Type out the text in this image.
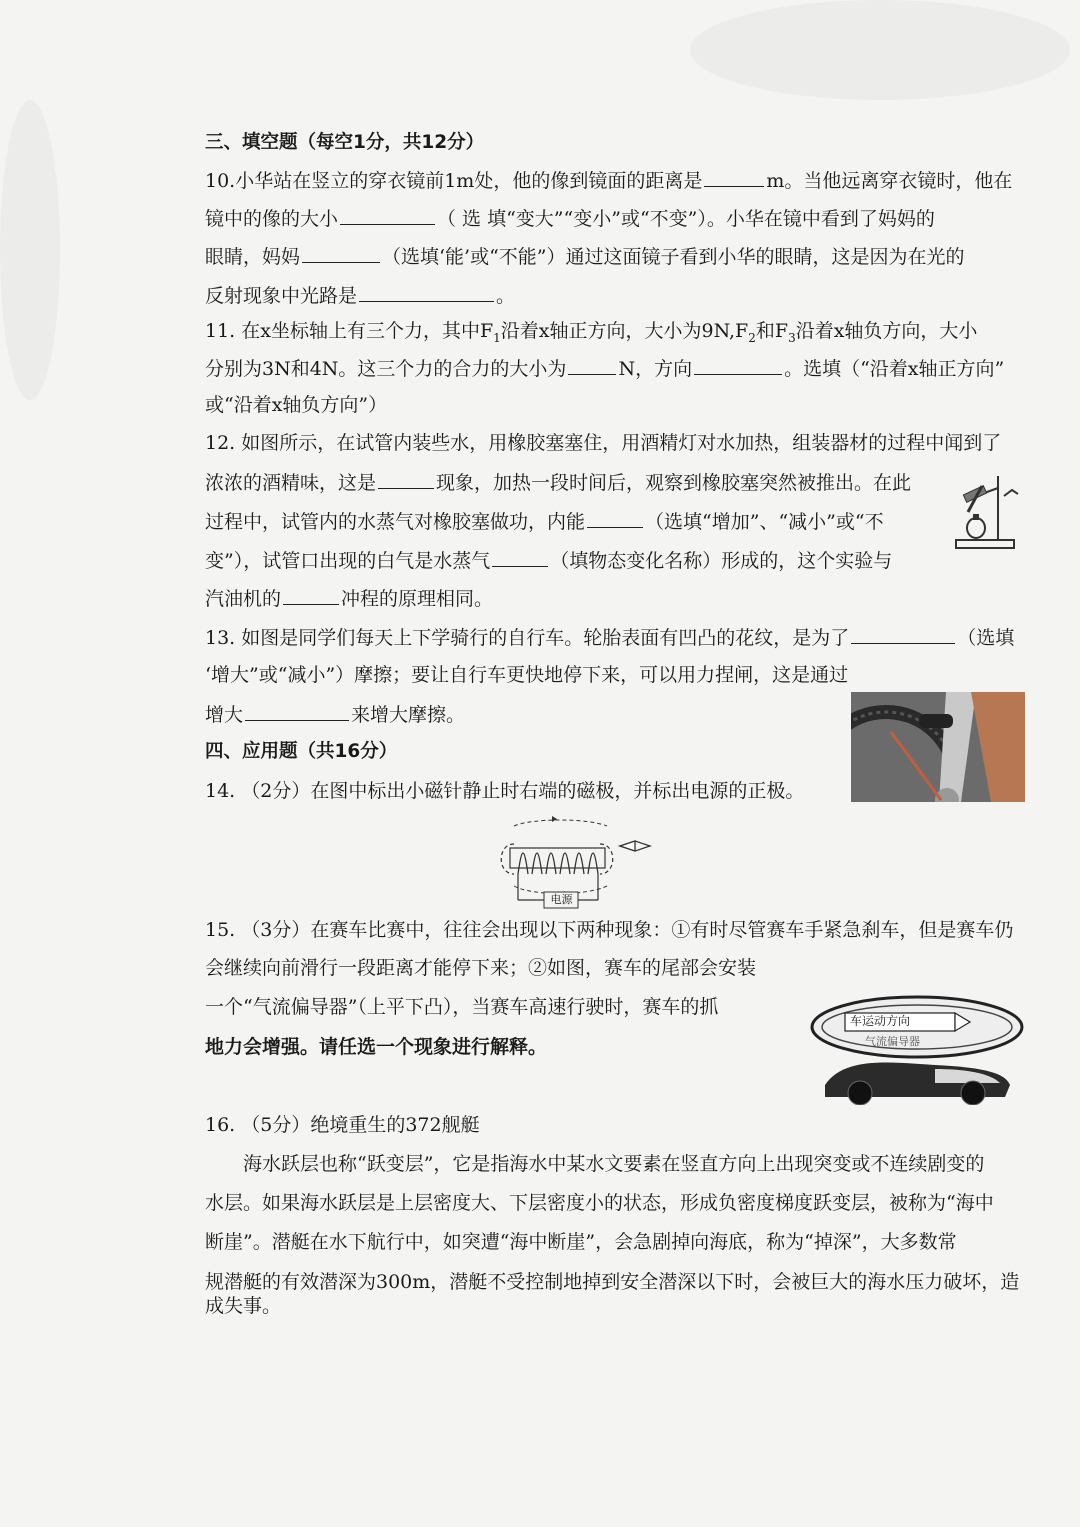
三、填空题（每空1分，共12分）
10.小华站在竖立的穿衣镜前1m处，他的像到镜面的距离是	m。当他远离穿衣镜时，他在
镜中的像的大小	（ 选 填“变大”“变小”或“不变”）。小华在镜中看到了妈妈的
眼睛，妈妈	（选填‘能’或“不能”）通过这面镜子看到小华的眼睛，这是因为在光的
反射现象中光路是	。
11. 在x坐标轴上有三个力，其中$F_1$沿着x轴正方向，大小为$9N,F_2$和$F_3$沿着x轴负方向，大小
分别为3N和4N。这三个力的合力的大小为	N，方向	。选填（“沿着x轴正方向”
或“沿着x轴负方向”）
12. 如图所示，在试管内装些水，用橡胶塞塞住，用酒精灯对水加热，组装器材的过程中闻到了
浓浓的酒精味，这是	现象，加热一段时间后，观察到橡胶塞突然被推出。在此
过程中，试管内的水蒸气对橡胶塞做功，内能	（选填“增加”、“减小”或“不
变”），试管口出现的白气是水蒸气	（填物态变化名称）形成的，这个实验与
汽油机的	冲程的原理相同。
13. 如图是同学们每天上下学骑行的自行车。轮胎表面有凹凸的花纹，是为了	（选填
‘增大”或“减小”）摩擦；要让自行车更快地停下来，可以用力捏闸，这是通过
增大	来增大摩擦。
四、应用题（共16分）
14. （2分）在图中标出小磁针静止时右端的磁极，并标出电源的正极。
电源
15. （3分）在赛车比赛中，往往会出现以下两种现象：①有时尽管赛车手紧急刹车，但是赛车仍
会继续向前滑行一段距离才能停下来；②如图，赛车的尾部会安装
一个“气流偏导器”（上平下凸），当赛车高速行驶时，赛车的抓
地力会增强。请任选一个现象进行解释。
车运动方向
气流偏导器
16. （5分）绝境重生的372舰艇
海水跃层也称“跃变层”，它是指海水中某水文要素在竖直方向上出现突变或不连续剧变的
水层。如果海水跃层是上层密度大、下层密度小的状态，形成负密度梯度跃变层，被称为“海中
断崖”。潜艇在水下航行中，如突遭“海中断崖”，会急剧掉向海底，称为“掉深”，大多数常
规潜艇的有效潜深为300m，潜艇不受控制地掉到安全潜深以下时，会被巨大的海水压力破坏，造
成失事。
